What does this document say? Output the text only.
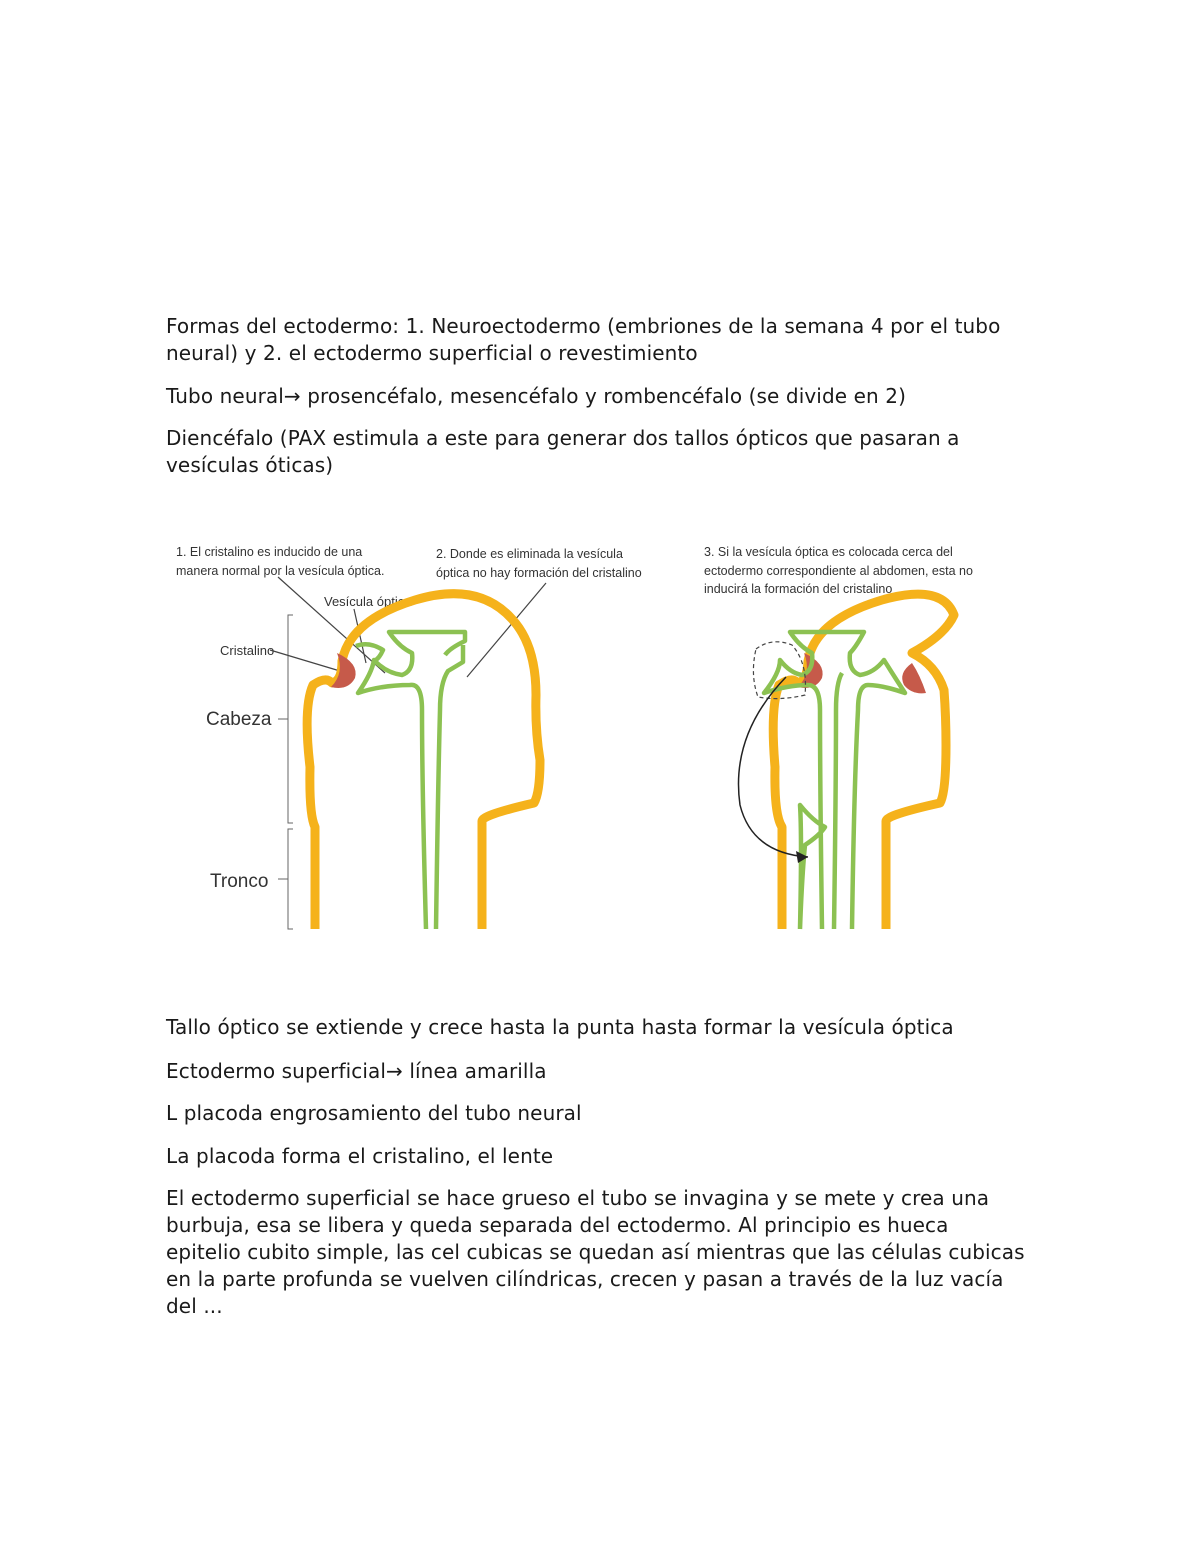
Formas del ectodermo: 1. Neuroectodermo (embriones de la semana 4 por el tubo neural) y 2. el ectodermo superficial o revestimiento

Tubo neural→ prosencéfalo, mesencéfalo y rombencéfalo (se divide en 2)

Diencéfalo (PAX estimula a este para generar dos tallos ópticos que pasaran a vesículas óticas)

1. El cristalino es inducido de una
manera normal por la vesícula óptica.
2. Donde es eliminada la vesícula
óptica no hay formación del cristalino
3. Si la vesícula óptica es colocada cerca del
ectodermo correspondiente al abdomen, esta no
inducirá la formación del cristalino
Vesícula óptica
Cristalino
Cabeza
Tronco

Tallo óptico se extiende y crece hasta la punta hasta formar la vesícula óptica

Ectodermo superficial→ línea amarilla

L placoda engrosamiento del tubo neural

La placoda forma el cristalino, el lente

El ectodermo superficial se hace grueso el tubo se invagina y se mete y crea una burbuja, esa se libera y queda separada del ectodermo. Al principio es hueca epitelio cubito simple, las cel cubicas se quedan así mientras que las células cubicas en la parte profunda se vuelven cilíndricas, crecen y pasan a través de la luz vacía del ...
